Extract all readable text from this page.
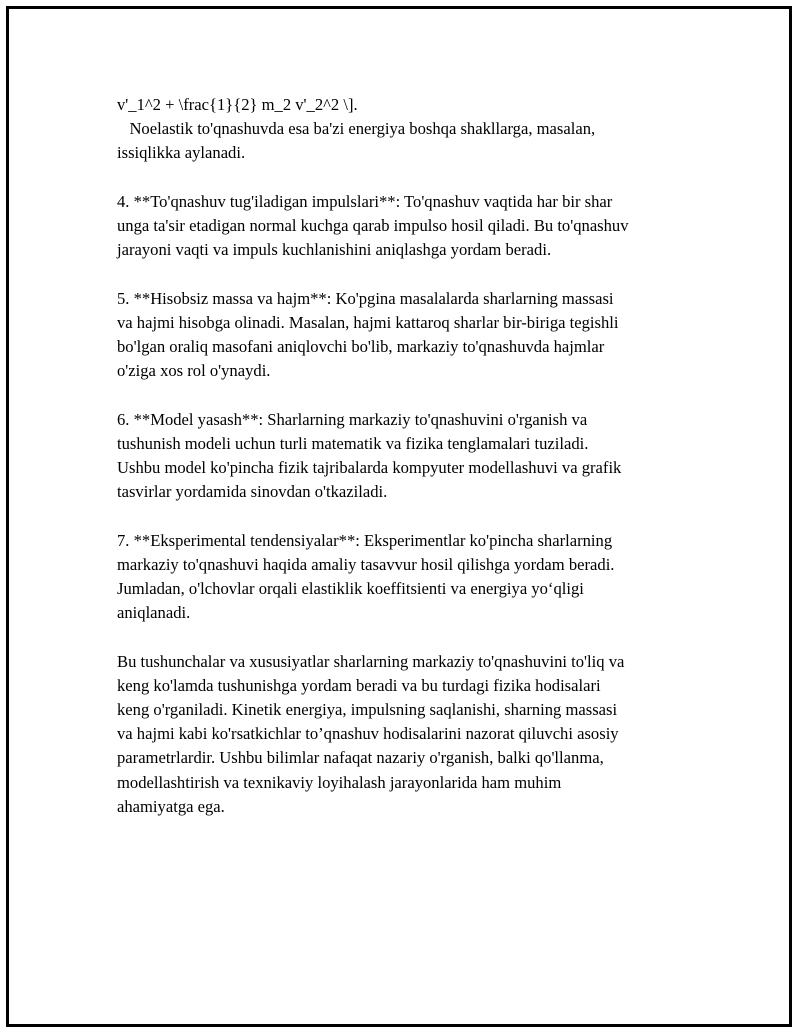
v'_1^2 + \frac{1}{2} m_2 v'_2^2 \].

Noelastik to'qnashuvda esa ba'zi energiya boshqa shakllarga, masalan,

issiqlikka aylanadi.

4. **To'qnashuv tug'iladigan impulslari**: To'qnashuv vaqtida har bir shar

unga ta'sir etadigan normal kuchga qarab impulso hosil qiladi. Bu to'qnashuv

jarayoni vaqti va impuls kuchlanishini aniqlashga yordam beradi.

5. **Hisobsiz massa va hajm**: Ko'pgina masalalarda sharlarning massasi

va hajmi hisobga olinadi. Masalan, hajmi kattaroq sharlar bir-biriga tegishli

bo'lgan oraliq masofani aniqlovchi bo'lib, markaziy to'qnashuvda hajmlar

o'ziga xos rol o'ynaydi.

6. **Model yasash**: Sharlarning markaziy to'qnashuvini o'rganish va

tushunish modeli uchun turli matematik va fizika tenglamalari tuziladi.

Ushbu model ko'pincha fizik tajribalarda kompyuter modellashuvi va grafik

tasvirlar yordamida sinovdan o'tkaziladi.

7. **Eksperimental tendensiyalar**: Eksperimentlar ko'pincha sharlarning

markaziy to'qnashuvi haqida amaliy tasavvur hosil qilishga yordam beradi.

Jumladan, o'lchovlar orqali elastiklik koeffitsienti va energiya yo‘qligi

aniqlanadi.

Bu tushunchalar va xususiyatlar sharlarning markaziy to'qnashuvini to'liq va

keng ko'lamda tushunishga yordam beradi va bu turdagi fizika hodisalari

keng o'rganiladi. Kinetik energiya, impulsning saqlanishi, sharning massasi

va hajmi kabi ko'rsatkichlar to’qnashuv hodisalarini nazorat qiluvchi asosiy

parametrlardir. Ushbu bilimlar nafaqat nazariy o'rganish, balki qo'llanma,

modellashtirish va texnikaviy loyihalash jarayonlarida ham muhim

ahamiyatga ega.
